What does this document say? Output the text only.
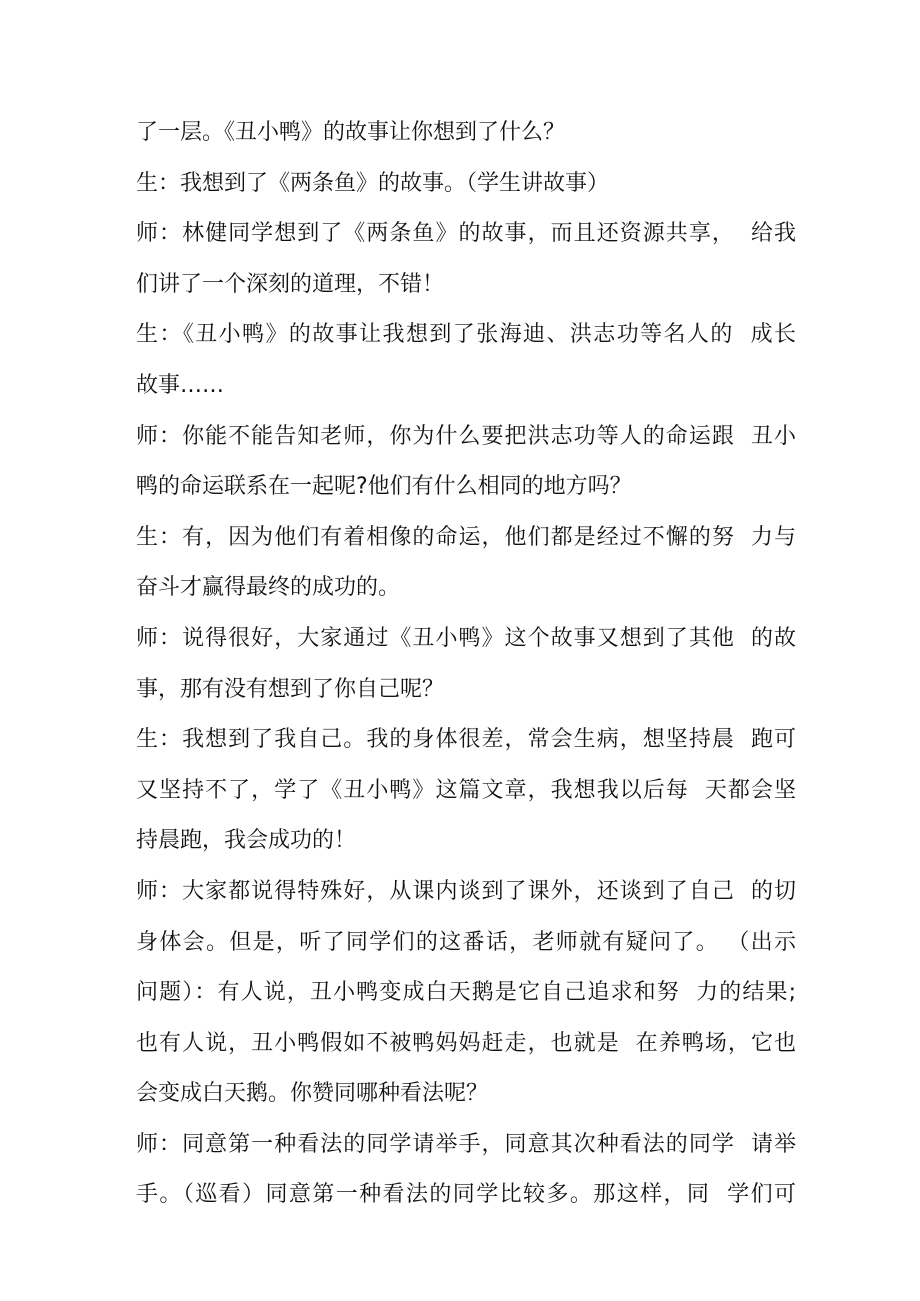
了一层。《丑小鸭》的故事让你想到了什么？
生：我想到了《两条鱼》的故事。（学生讲故事）
师：林健同学想到了《两条鱼》的故事，而且还资源共享，  给我
们讲了一个深刻的道理，不错！
生：《丑小鸭》的故事让我想到了张海迪、洪志功等名人的  成长
故事……
师：你能不能告知老师，你为什么要把洪志功等人的命运跟  丑小
鸭的命运联系在一起呢?他们有什么相同的地方吗？
生：有，因为他们有着相像的命运，他们都是经过不懈的努  力与
奋斗才赢得最终的成功的。
师：说得很好，大家通过《丑小鸭》这个故事又想到了其他  的故
事，那有没有想到了你自己呢？
生：我想到了我自己。我的身体很差，常会生病，想坚持晨  跑可
又坚持不了，学了《丑小鸭》这篇文章，我想我以后每  天都会坚
持晨跑，我会成功的！
师：大家都说得特殊好，从课内谈到了课外，还谈到了自己  的切
身体会。但是，听了同学们的这番话，老师就有疑问了。 （出示
问题）：有人说，丑小鸭变成白天鹅是它自己追求和努  力的结果;
也有人说，丑小鸭假如不被鸭妈妈赶走，也就是  在养鸭场，它也
会变成白天鹅。你赞同哪种看法呢？
师：同意第一种看法的同学请举手，同意其次种看法的同学  请举
手。（巡看）同意第一种看法的同学比较多。那这样，同  学们可
